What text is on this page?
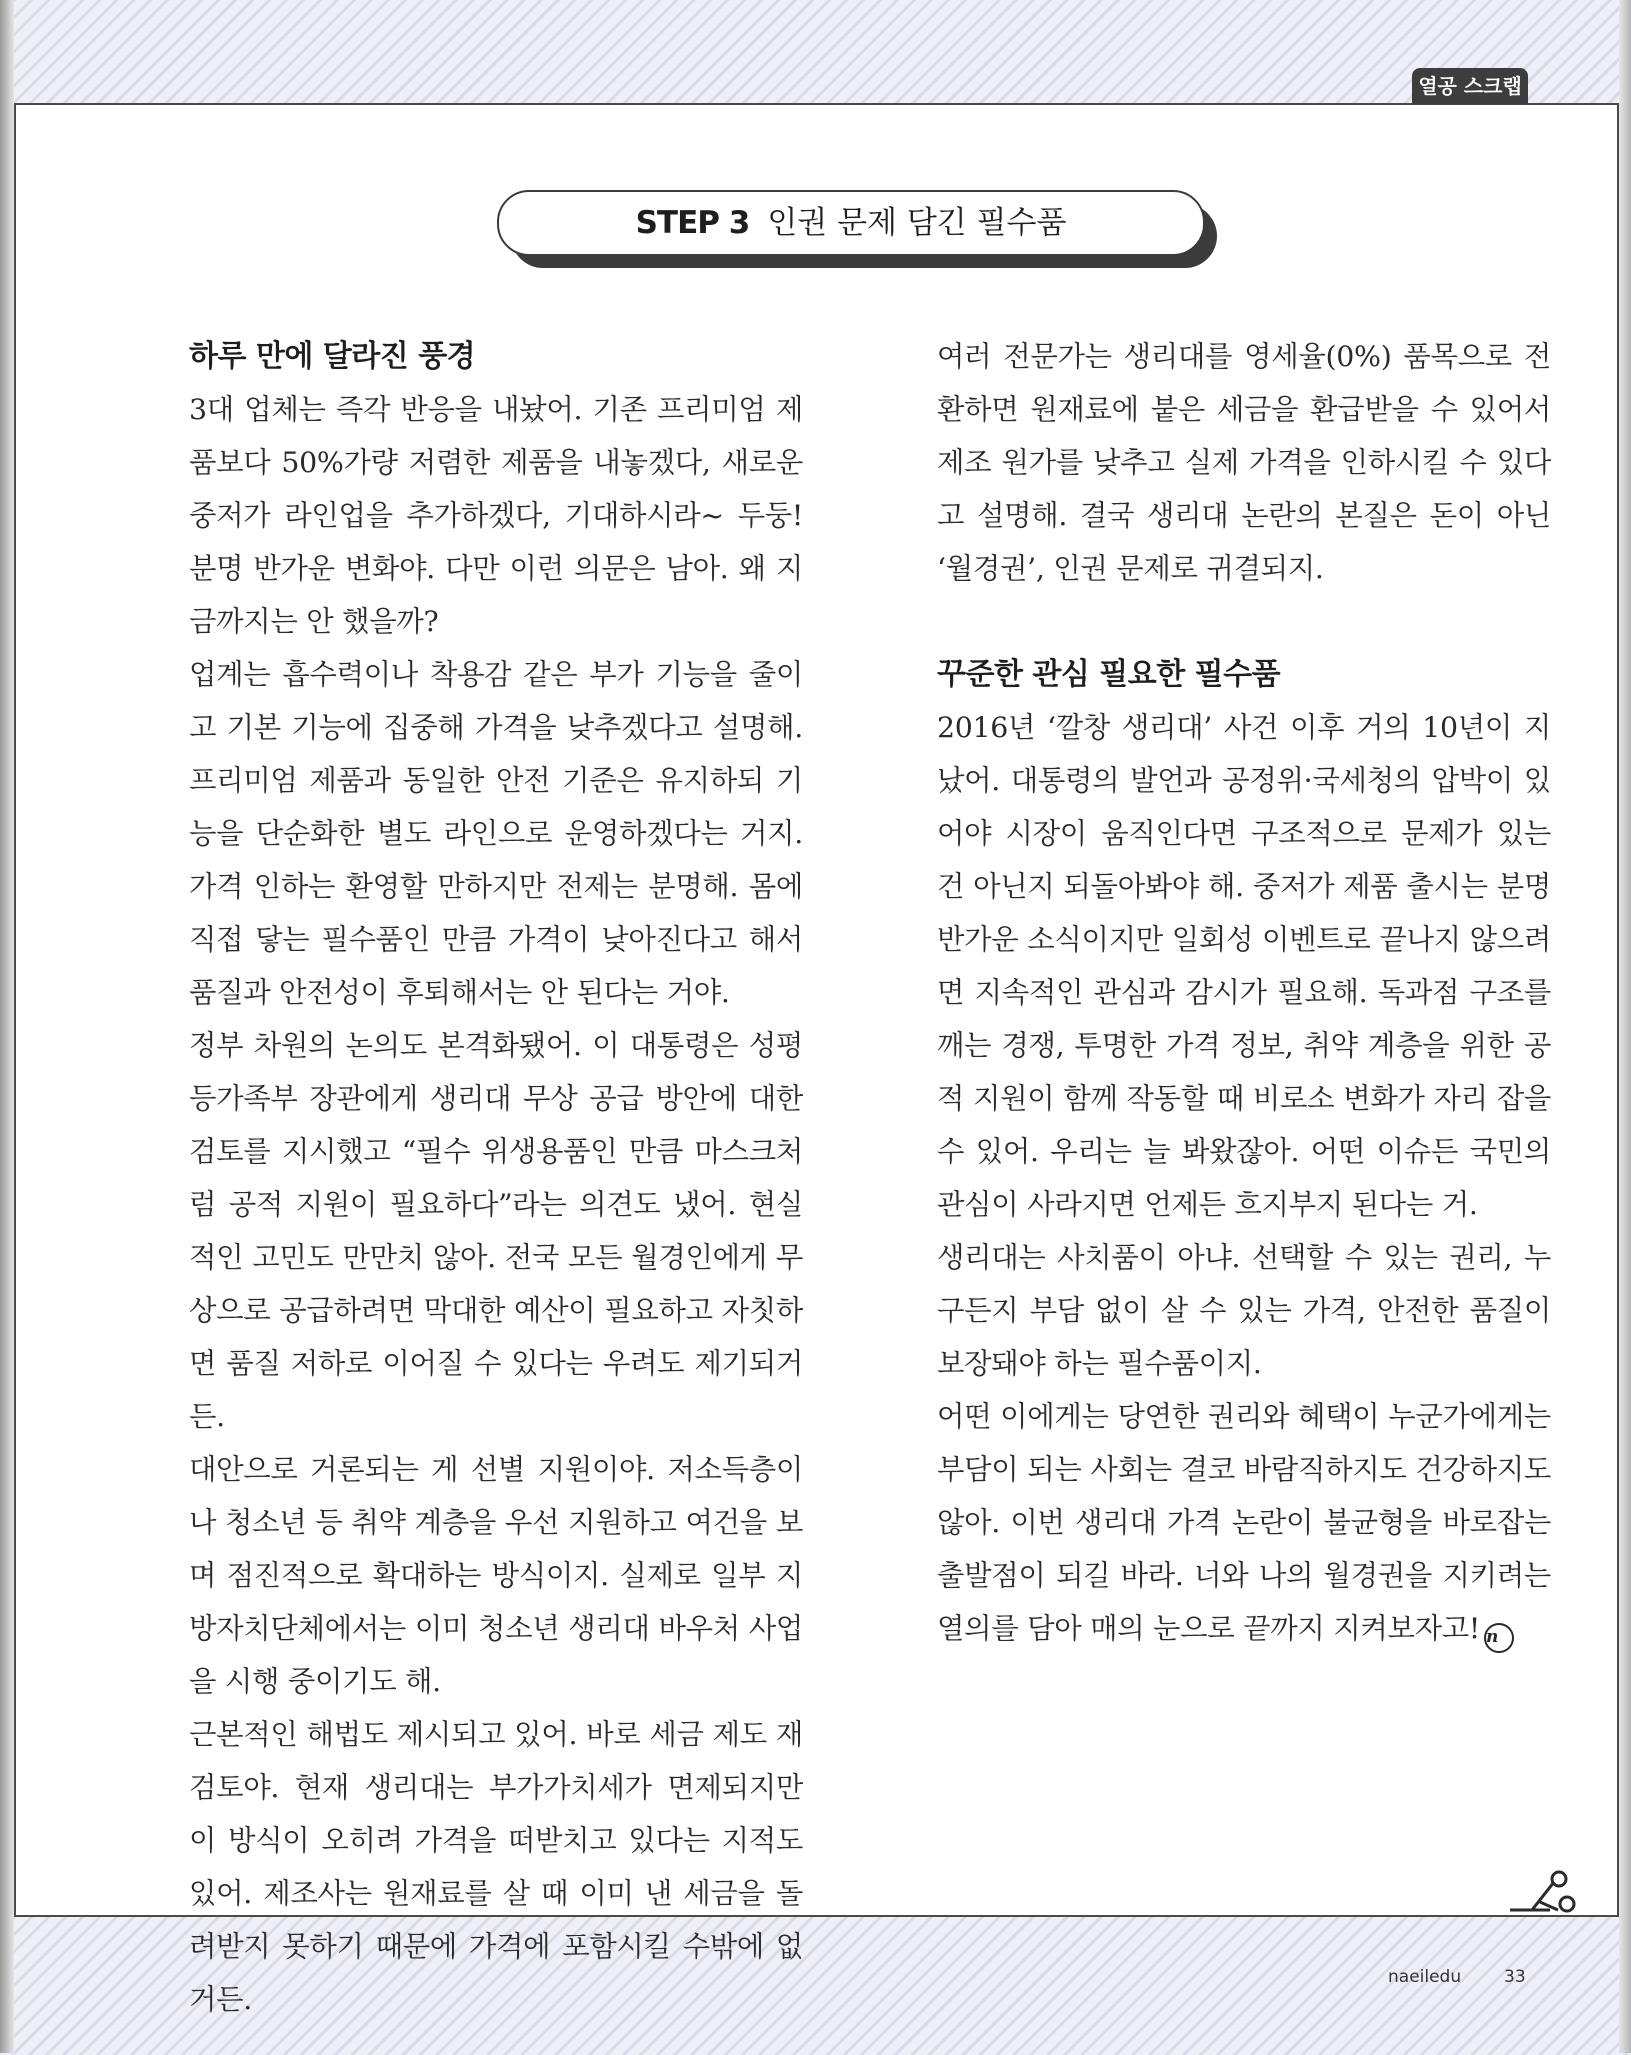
열공 스크랩
STEP 3 인권 문제 담긴 필수품
하루 만에 달라진 풍경

3대 업체는 즉각 반응을 내놨어. 기존 프리미엄 제품보다 50%가량 저렴한 제품을 내놓겠다, 새로운 중저가 라인업을 추가하겠다, 기대하시라~ 두둥! 분명 반가운 변화야. 다만 이런 의문은 남아. 왜 지금까지는 안 했을까?

업계는 흡수력이나 착용감 같은 부가 기능을 줄이고 기본 기능에 집중해 가격을 낮추겠다고 설명해. 프리미엄 제품과 동일한 안전 기준은 유지하되 기능을 단순화한 별도 라인으로 운영하겠다는 거지. 가격 인하는 환영할 만하지만 전제는 분명해. 몸에 직접 닿는 필수품인 만큼 가격이 낮아진다고 해서 품질과 안전성이 후퇴해서는 안 된다는 거야.

정부 차원의 논의도 본격화됐어. 이 대통령은 성평등가족부 장관에게 생리대 무상 공급 방안에 대한 검토를 지시했고 “필수 위생용품인 만큼 마스크처럼 공적 지원이 필요하다”라는 의견도 냈어. 현실적인 고민도 만만치 않아. 전국 모든 월경인에게 무상으로 공급하려면 막대한 예산이 필요하고 자칫하면 품질 저하로 이어질 수 있다는 우려도 제기되거든.

대안으로 거론되는 게 선별 지원이야. 저소득층이나 청소년 등 취약 계층을 우선 지원하고 여건을 보며 점진적으로 확대하는 방식이지. 실제로 일부 지방자치단체에서는 이미 청소년 생리대 바우처 사업을 시행 중이기도 해.

근본적인 해법도 제시되고 있어. 바로 세금 제도 재검토야. 현재 생리대는 부가가치세가 면제되지만 이 방식이 오히려 가격을 떠받치고 있다는 지적도 있어. 제조사는 원재료를 살 때 이미 낸 세금을 돌려받지 못하기 때문에 가격에 포함시킬 수밖에 없거든.

여러 전문가는 생리대를 영세율(0%) 품목으로 전환하면 원재료에 붙은 세금을 환급받을 수 있어서 제조 원가를 낮추고 실제 가격을 인하시킬 수 있다고 설명해. 결국 생리대 논란의 본질은 돈이 아닌 ‘월경권’, 인권 문제로 귀결되지.

꾸준한 관심 필요한 필수품

2016년 ‘깔창 생리대’ 사건 이후 거의 10년이 지났어. 대통령의 발언과 공정위·국세청의 압박이 있어야 시장이 움직인다면 구조적으로 문제가 있는 건 아닌지 되돌아봐야 해. 중저가 제품 출시는 분명 반가운 소식이지만 일회성 이벤트로 끝나지 않으려면 지속적인 관심과 감시가 필요해. 독과점 구조를 깨는 경쟁, 투명한 가격 정보, 취약 계층을 위한 공적 지원이 함께 작동할 때 비로소 변화가 자리 잡을 수 있어. 우리는 늘 봐왔잖아. 어떤 이슈든 국민의 관심이 사라지면 언제든 흐지부지 된다는 거.

생리대는 사치품이 아냐. 선택할 수 있는 권리, 누구든지 부담 없이 살 수 있는 가격, 안전한 품질이 보장돼야 하는 필수품이지.

어떤 이에게는 당연한 권리와 혜택이 누군가에게는 부담이 되는 사회는 결코 바람직하지도 건강하지도 않아. 이번 생리대 가격 논란이 불균형을 바로잡는 출발점이 되길 바라. 너와 나의 월경권을 지키려는 열의를 담아 매의 눈으로 끝까지 지켜보자고! n

naeiledu	33
